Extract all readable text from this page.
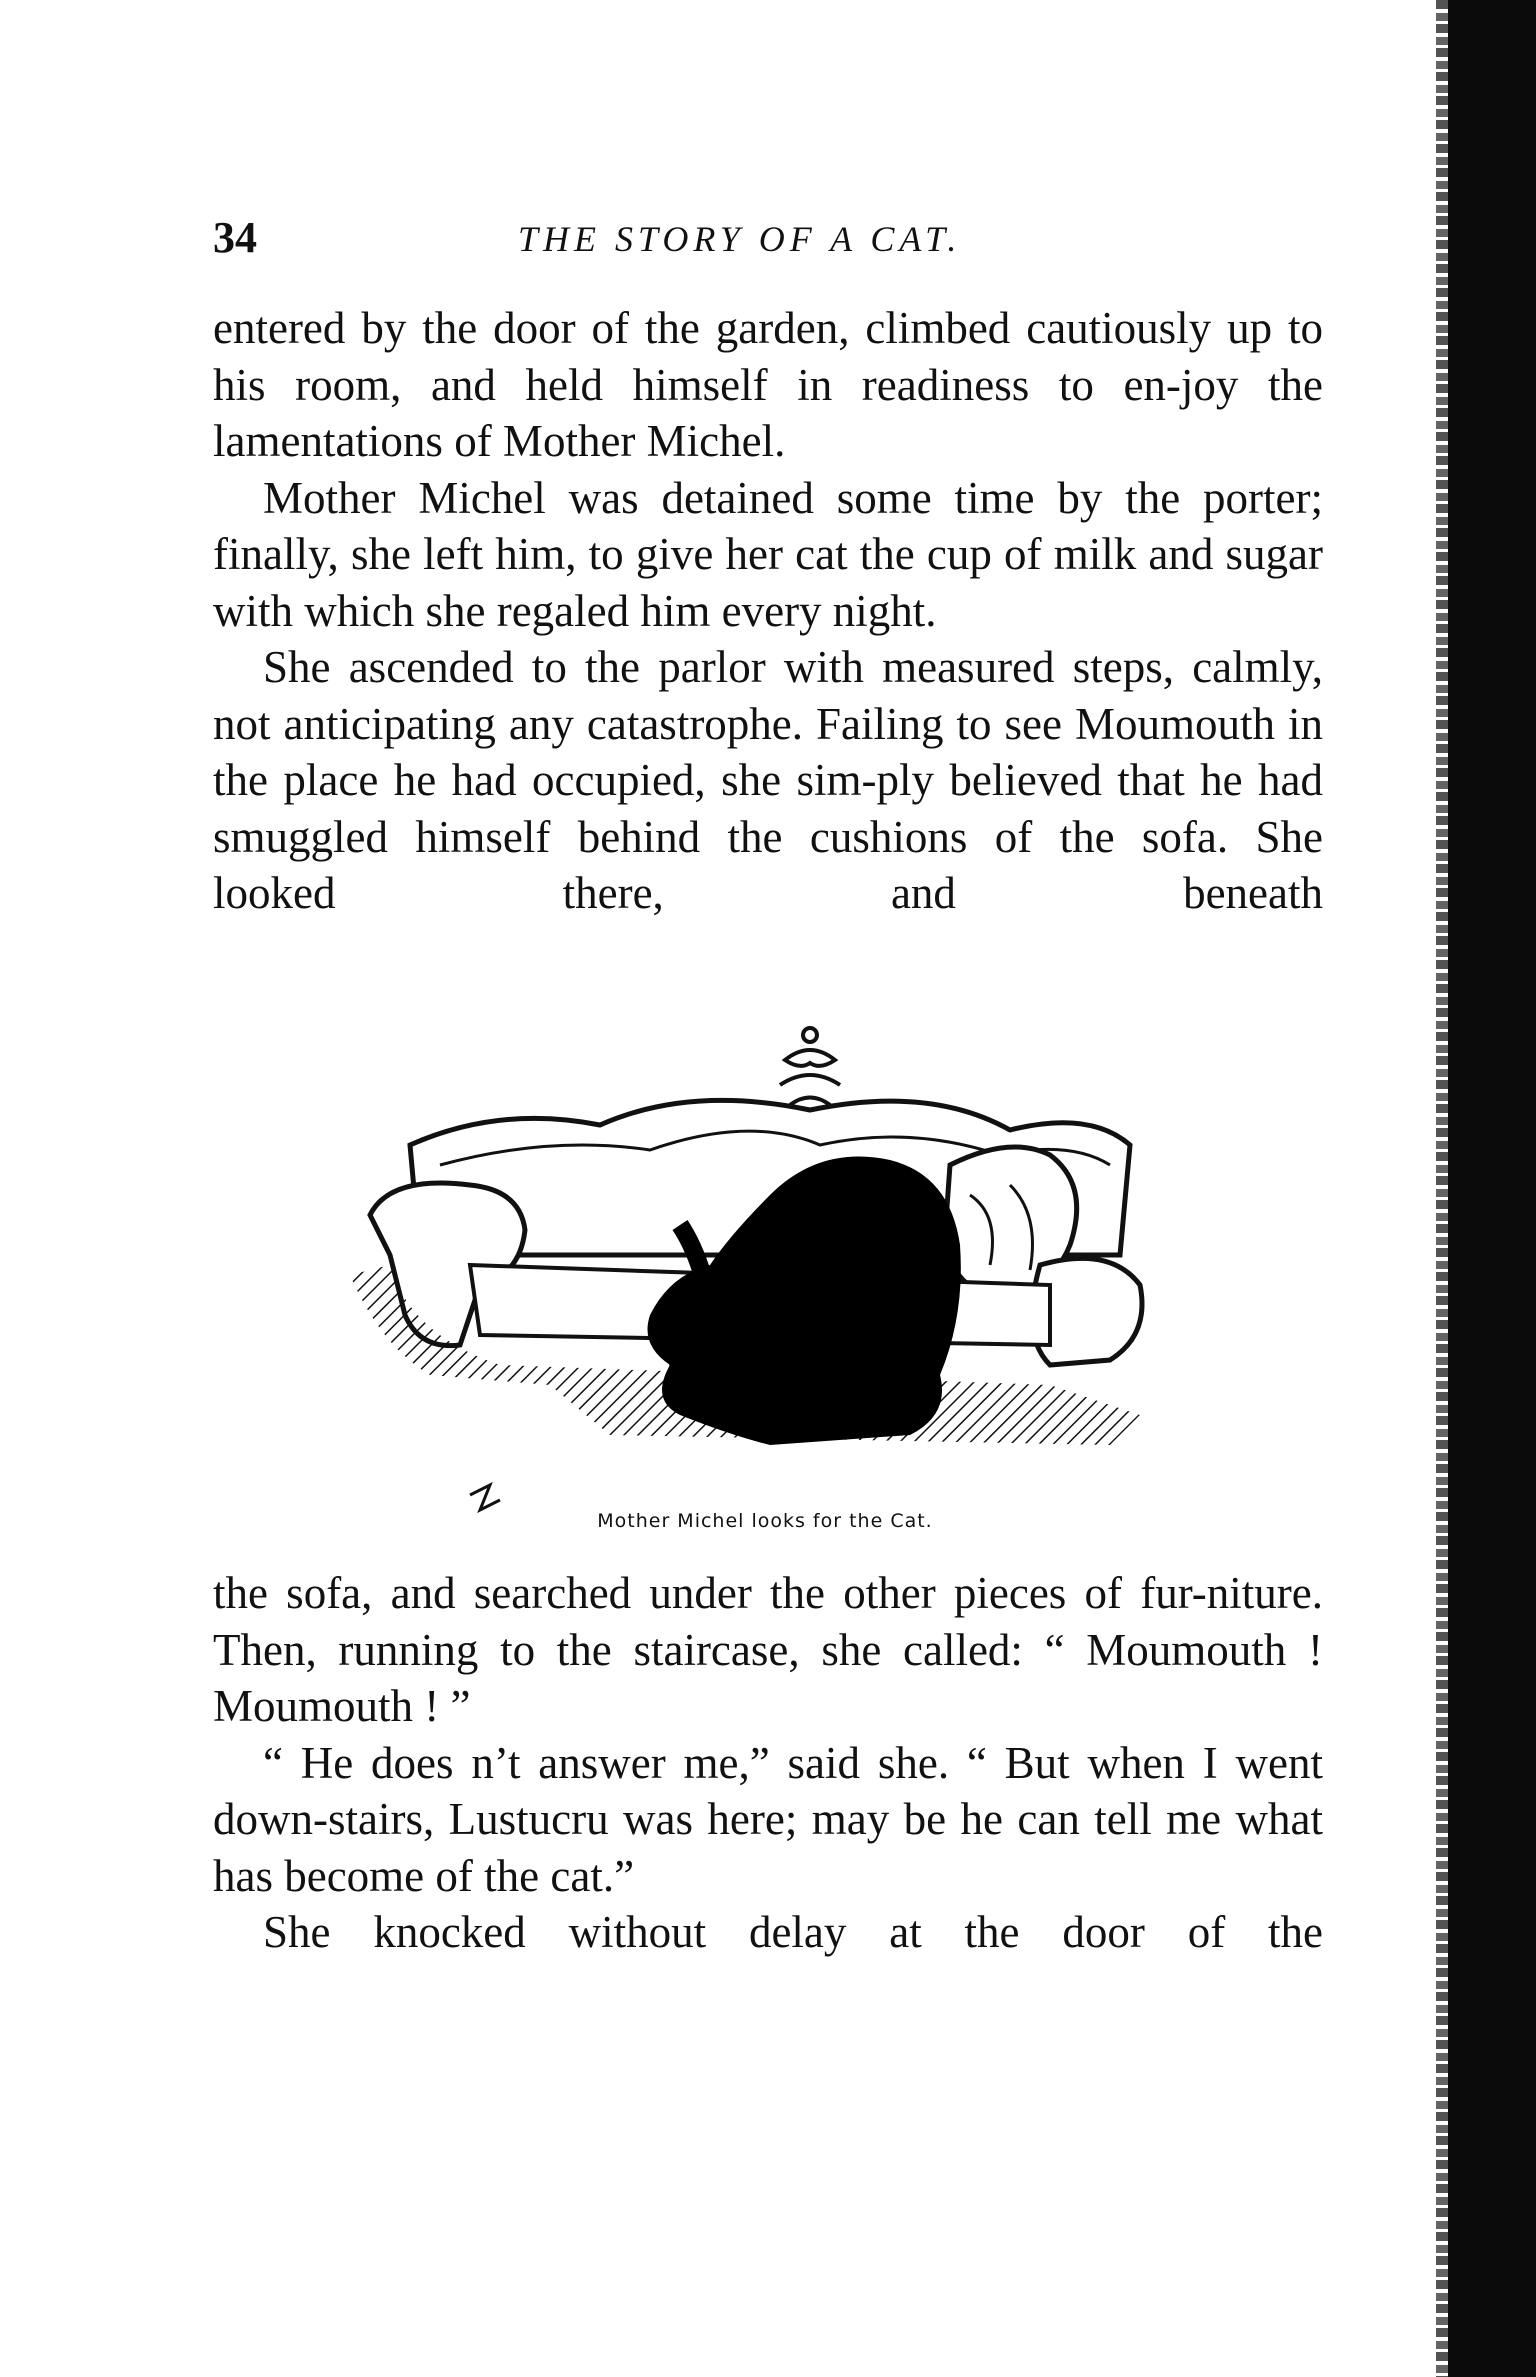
34	THE STORY OF A CAT.

entered by the door of the garden, climbed cautiously up to his room, and held himself in readiness to en-joy the lamentations of Mother Michel.

Mother Michel was detained some time by the porter; finally, she left him, to give her cat the cup of milk and sugar with which she regaled him every night.

She ascended to the parlor with measured steps, calmly, not anticipating any catastrophe. Failing to see Moumouth in the place he had occupied, she sim-ply believed that he had smuggled himself behind the cushions of the sofa. She looked there, and beneath

Mother Michel looks for the Cat.

the sofa, and searched under the other pieces of fur-niture. Then, running to the staircase, she called: “ Moumouth ! Moumouth ! ”

“ He does n’t answer me,” said she. “ But when I went down-stairs, Lustucru was here; may be he can tell me what has become of the cat.”

She knocked without delay at the door of the
